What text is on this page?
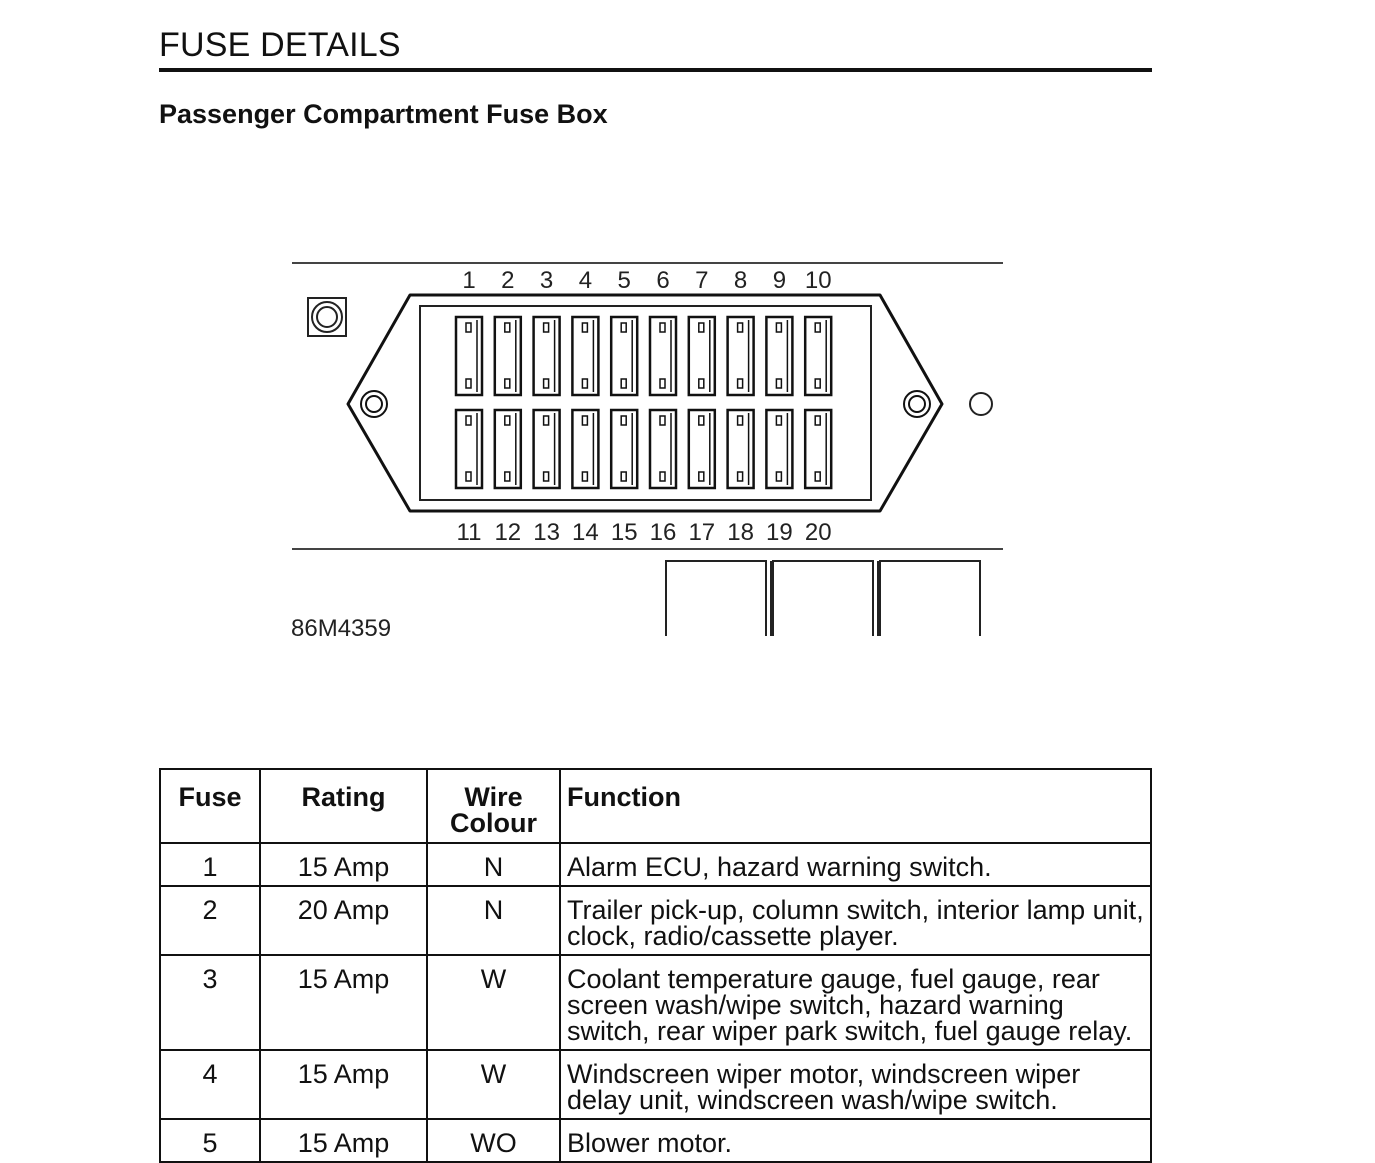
FUSE DETAILS
Passenger Compartment Fuse Box
1 2 3 4 5 6 7 8 9 10
11 12 13 14 15 16 17 18 19 20
86M4359
Fuse	Rating	Wire Colour	Function
1	15 Amp	N	Alarm ECU, hazard warning switch.
2	20 Amp	N	Trailer pick-up, column switch, interior lamp unit, clock, radio/cassette player.
3	15 Amp	W	Coolant temperature gauge, fuel gauge, rear screen wash/wipe switch, hazard warning switch, rear wiper park switch, fuel gauge relay.
4	15 Amp	W	Windscreen wiper motor, windscreen wiper delay unit, windscreen wash/wipe switch.
5	15 Amp	WO	Blower motor.
